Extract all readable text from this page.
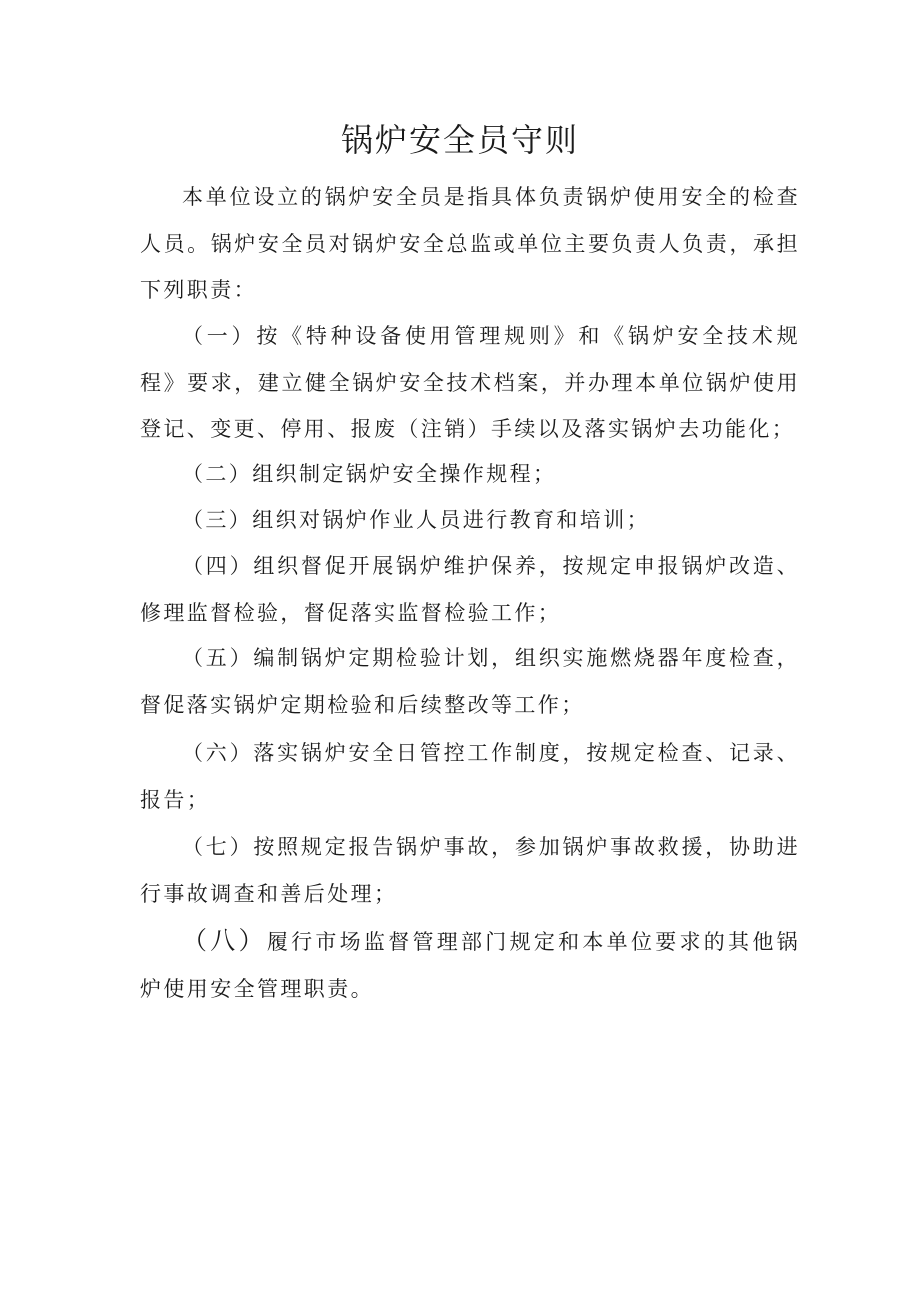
锅炉安全员守则

本单位设立的锅炉安全员是指具体负责锅炉使用安全的检查人员。锅炉安全员对锅炉安全总监或单位主要负责人负责，承担下列职责：

（一）按《特种设备使用管理规则》和《锅炉安全技术规程》要求，建立健全锅炉安全技术档案，并办理本单位锅炉使用登记、变更、停用、报废（注销）手续以及落实锅炉去功能化；

（二）组织制定锅炉安全操作规程；

（三）组织对锅炉作业人员进行教育和培训；

（四）组织督促开展锅炉维护保养，按规定申报锅炉改造、修理监督检验，督促落实监督检验工作；

（五）编制锅炉定期检验计划，组织实施燃烧器年度检查，督促落实锅炉定期检验和后续整改等工作；

（六）落实锅炉安全日管控工作制度，按规定检查、记录、报告；

（七）按照规定报告锅炉事故，参加锅炉事故救援，协助进行事故调查和善后处理；

（八）履行市场监督管理部门规定和本单位要求的其他锅炉使用安全管理职责。
